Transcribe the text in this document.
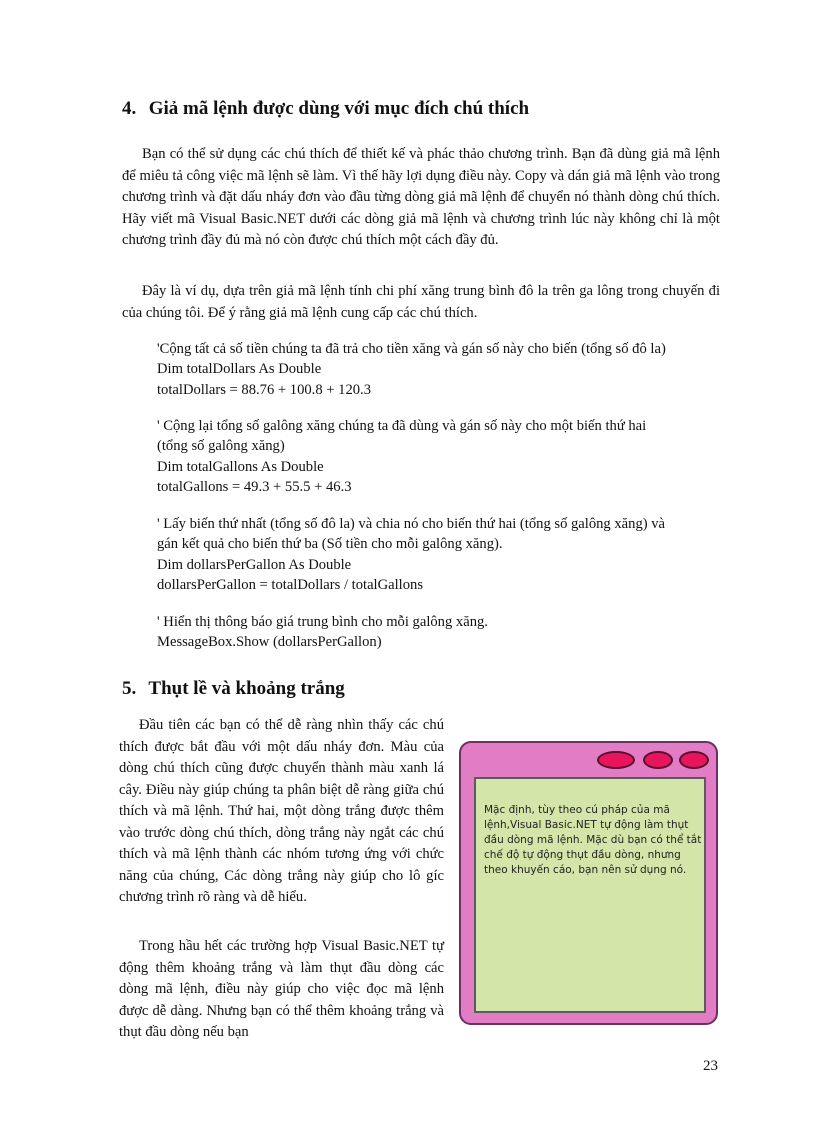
4. Giả mã lệnh được dùng với mục đích chú thích

Bạn có thể sử dụng các chú thích để thiết kế và phác thảo chương trình. Bạn đã dùng giả mã lệnh để miêu tả công việc mã lệnh sẽ làm. Vì thế hãy lợi dụng điều này. Copy và dán giả mã lệnh vào trong chương trình và đặt dấu nháy đơn vào đầu từng dòng giả mã lệnh để chuyển nó thành dòng chú thích. Hãy viết mã Visual Basic.NET dưới các dòng giả mã lệnh và chương trình lúc này không chỉ là một chương trình đầy đủ mà nó còn được chú thích một cách đầy đủ.

Đây là ví dụ, dựa trên giả mã lệnh tính chi phí xăng trung bình đô la trên ga lông trong chuyến đi của chúng tôi. Để ý rằng giả mã lệnh cung cấp các chú thích.

'Cộng tất cả số tiền chúng ta đã trả cho tiền xăng và gán số này cho biến (tổng số đô la)
Dim totalDollars As Double
totalDollars = 88.76 + 100.8 + 120.3
' Cộng lại tổng số galông xăng chúng ta đã dùng và gán số này cho một biến thứ hai
(tổng số galông xăng)
Dim totalGallons As Double
totalGallons = 49.3 + 55.5 + 46.3
' Lấy biến thứ nhất (tổng số đô la) và chia nó cho biến thứ hai (tổng số galông xăng) và
gán kết quả cho biến thứ ba (Số tiền cho mỗi galông xăng).
Dim dollarsPerGallon As Double
dollarsPerGallon = totalDollars / totalGallons
' Hiển thị thông báo giá trung bình cho mỗi galông xăng.
MessageBox.Show (dollarsPerGallon)
5. Thụt lề và khoảng trắng

Đầu tiên các bạn có thể dễ ràng nhìn thấy các chú thích được bắt đầu với một dấu nháy đơn. Màu của dòng chú thích cũng được chuyển thành màu xanh lá cây. Điều này giúp chúng ta phân biệt dễ ràng giữa chú thích và mã lệnh. Thứ hai, một dòng trắng được thêm vào trước dòng chú thích, dòng trắng này ngắt các chú thích và mã lệnh thành các nhóm tương ứng với chức năng của chúng, Các dòng trắng này giúp cho lô gíc chương trình rõ ràng và dễ hiểu.

Trong hầu hết các trường hợp Visual Basic.NET tự động thêm khoảng trắng và làm thụt đầu dòng các dòng mã lệnh, điều này giúp cho việc đọc mã lệnh được dễ dàng. Nhưng bạn có thể thêm khoảng trắng và thụt đầu dòng nếu bạn

Mặc định, tùy theo cú pháp của mã lệnh,Visual Basic.NET tự động làm thụt đầu dòng mã lệnh. Mặc dù bạn có thể tắt chế độ tự động thụt đầu dòng, nhưng theo khuyến cáo, bạn nên sử dụng nó.

23
